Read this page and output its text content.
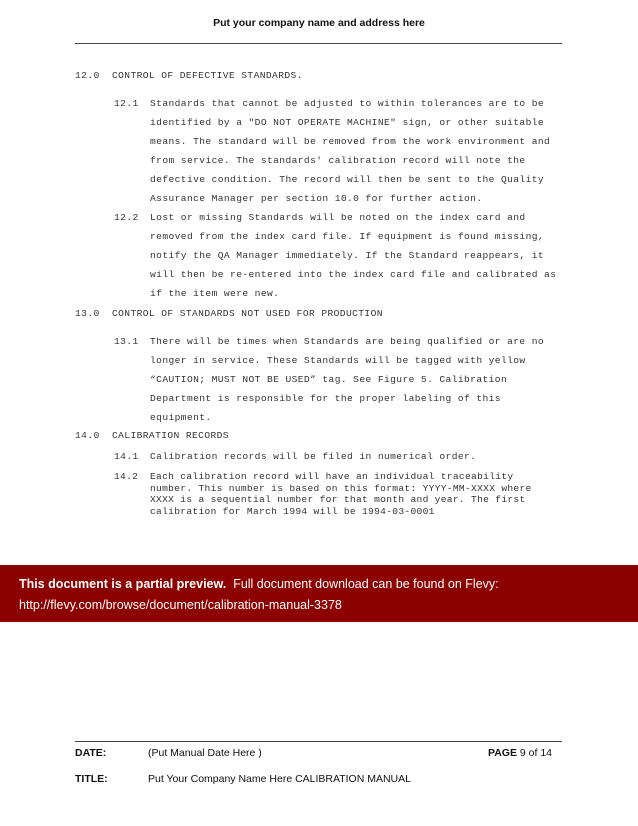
Put your company name and address here
12.0 CONTROL OF DEFECTIVE STANDARDS.
12.1 Standards that cannot be adjusted to within tolerances are to be
identified by a "DO NOT OPERATE MACHINE" sign, or other suitable
means. The standard will be removed from the work environment and
from service. The standards' calibration record will note the
defective condition. The record will then be sent to the Quality
Assurance Manager per section 10.0 for further action.
12.2 Lost or missing Standards will be noted on the index card and
removed from the index card file. If equipment is found missing,
notify the QA Manager immediately. If the Standard reappears, it
will then be re-entered into the index card file and calibrated as
if the item were new.
13.0 CONTROL OF STANDARDS NOT USED FOR PRODUCTION
13.1 There will be times when Standards are being qualified or are no
longer in service. These Standards will be tagged with yellow
“CAUTION; MUST NOT BE USED” tag. See Figure 5. Calibration
Department is responsible for the proper labeling of this
equipment.
14.0 CALIBRATION RECORDS
14.1 Calibration records will be filed in numerical order.
14.2 Each calibration record will have an individual traceability
number. This number is based on this format: YYYY-MM-XXXX where
XXXX is a sequential number for that month and year. The first
calibration for March 1994 will be 1994-03-0001
This document is a partial preview. Full document download can be found on Flevy:
http://flevy.com/browse/document/calibration-manual-3378
DATE:	(Put Manual Date Here )	PAGE 9 of 14
TITLE:	Put Your Company Name Here CALIBRATION MANUAL
